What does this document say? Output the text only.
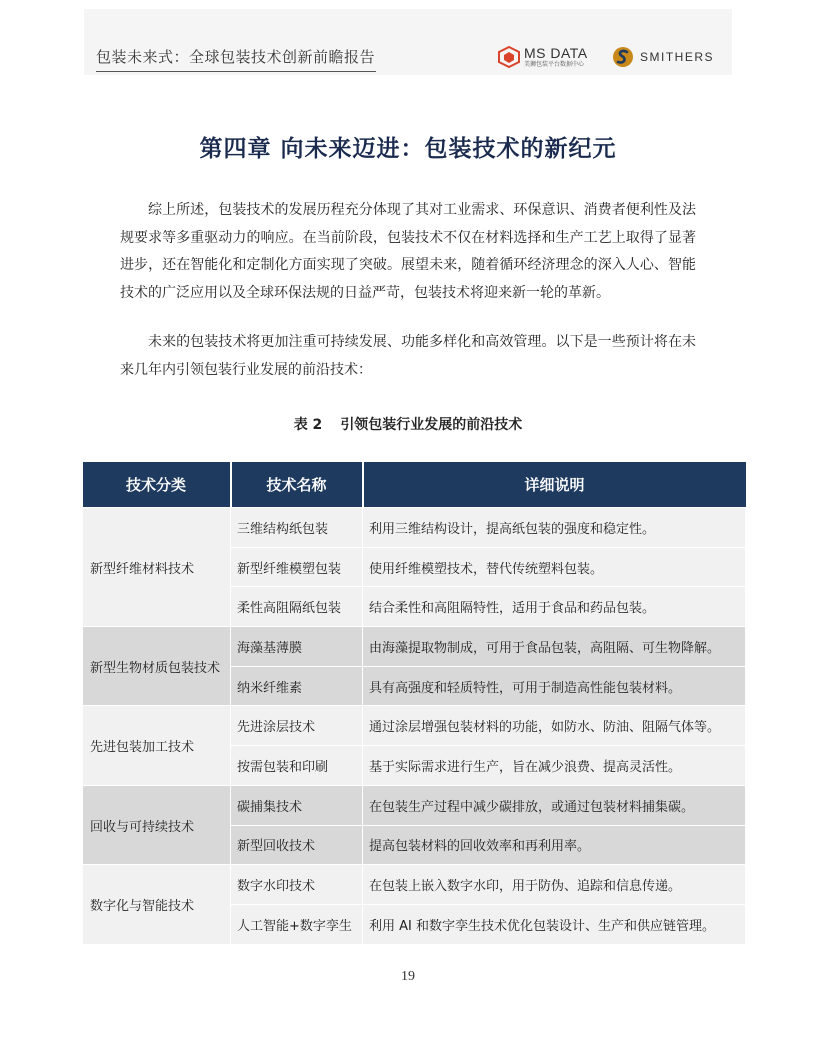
包装未来式：全球包装技术创新前瞻报告	MS DATA
美狮包装平台数据中心
SMITHERS
第四章 向未来迈进：包装技术的新纪元

综上所述，包装技术的发展历程充分体现了其对工业需求、环保意识、消费者便利性及法规要求等多重驱动力的响应。在当前阶段，包装技术不仅在材料选择和生产工艺上取得了显著进步，还在智能化和定制化方面实现了突破。展望未来，随着循环经济理念的深入人心、智能技术的广泛应用以及全球环保法规的日益严苛，包装技术将迎来新一轮的革新。

未来的包装技术将更加注重可持续发展、功能多样化和高效管理。以下是一些预计将在未来几年内引领包装行业发展的前沿技术：

表 2 引领包装行业发展的前沿技术
技术分类	技术名称	详细说明
新型纤维材料技术	三维结构纸包装	利用三维结构设计，提高纸包装的强度和稳定性。
	新型纤维模塑包装	使用纤维模塑技术，替代传统塑料包装。
	柔性高阻隔纸包装	结合柔性和高阻隔特性，适用于食品和药品包装。
新型生物材质包装技术	海藻基薄膜	由海藻提取物制成，可用于食品包装，高阻隔、可生物降解。
	纳米纤维素	具有高强度和轻质特性，可用于制造高性能包装材料。
先进包装加工技术	先进涂层技术	通过涂层增强包装材料的功能，如防水、防油、阻隔气体等。
	按需包装和印刷	基于实际需求进行生产，旨在减少浪费、提高灵活性。
回收与可持续技术	碳捕集技术	在包装生产过程中减少碳排放，或通过包装材料捕集碳。
	新型回收技术	提高包装材料的回收效率和再利用率。
数字化与智能技术	数字水印技术	在包装上嵌入数字水印，用于防伪、追踪和信息传递。
	人工智能+数字孪生	利用 AI 和数字孪生技术优化包装设计、生产和供应链管理。
19
